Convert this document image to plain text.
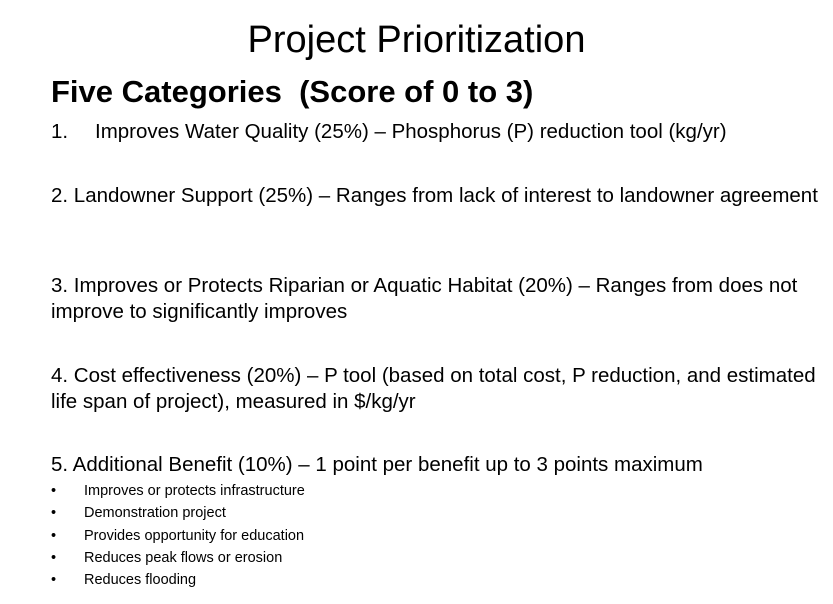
Project Prioritization
Five Categories  (Score of 0 to 3)
1. Improves Water Quality (25%) – Phosphorus (P) reduction tool (kg/yr)
2. Landowner Support (25%) – Ranges from lack of interest to landowner agreement
3. Improves or Protects Riparian or Aquatic Habitat (20%) – Ranges from does not improve to significantly improves
4. Cost effectiveness (20%) – P tool (based on total cost, P reduction, and estimated life span of project), measured in $/kg/yr
5. Additional Benefit (10%) – 1 point per benefit up to 3 points maximum
• Improves or protects infrastructure
• Demonstration project
• Provides opportunity for education
• Reduces peak flows or erosion
• Reduces flooding
